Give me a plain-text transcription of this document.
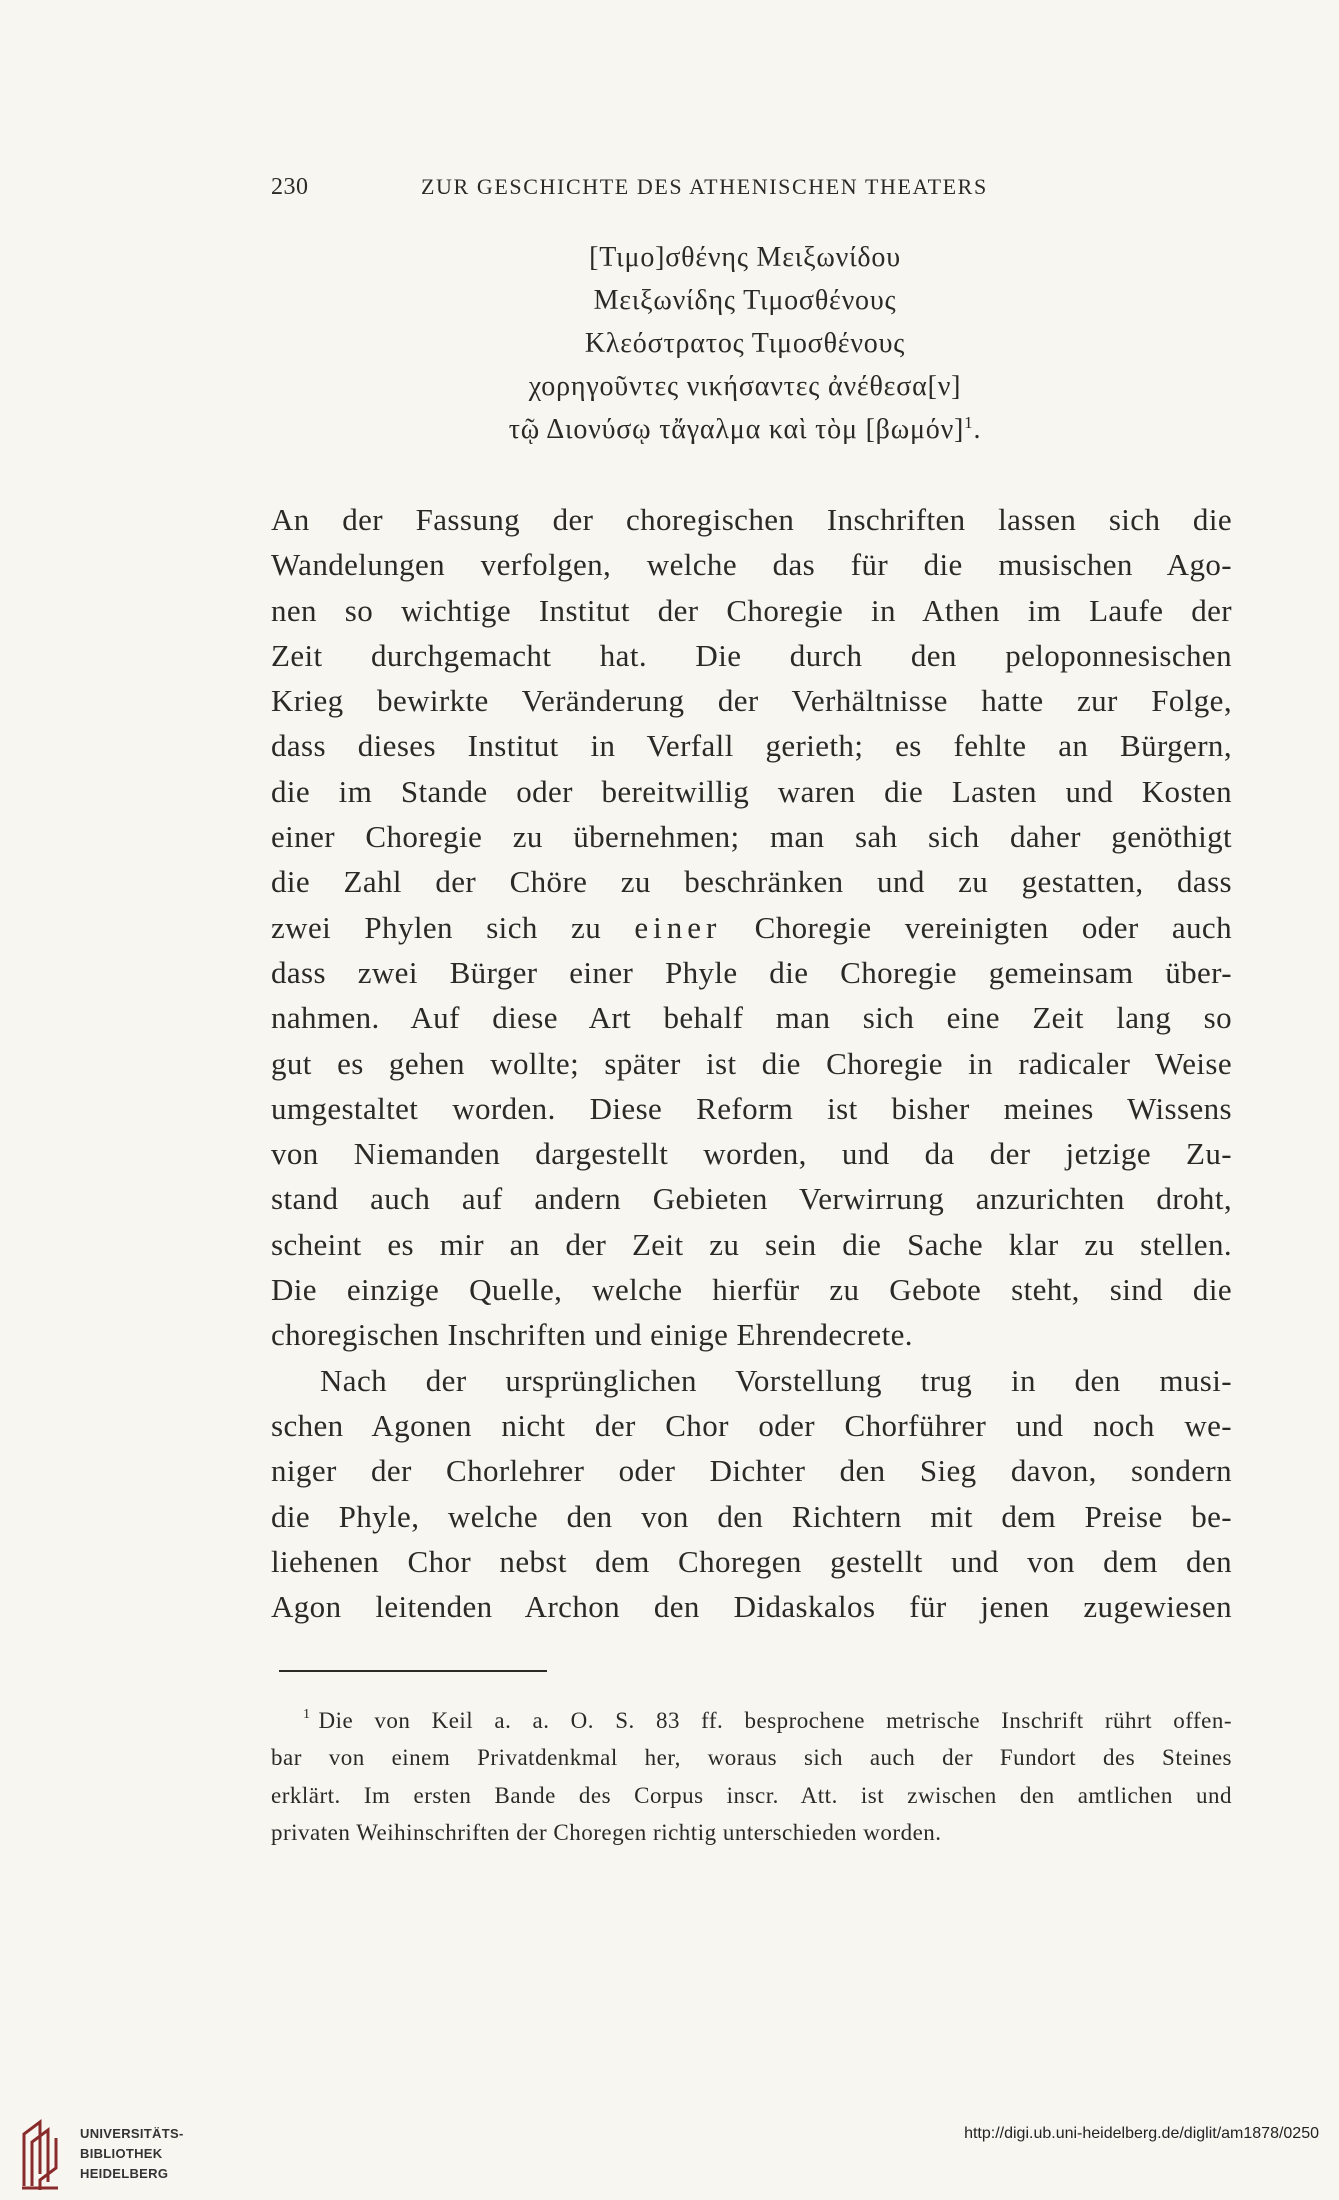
230	ZUR GESCHICHTE DES ATHENISCHEN THEATERS
[Τιμο]σθένης Μειξωνίδου
Μειξωνίδης Τιμοσθένους
Κλεόστρατος Τιμοσθένους
χορηγοῦντες νικήσαντες ἀνέθεσα[ν]
τῷ Διονύσῳ τἄγαλμα καὶ τὸμ $[\beta\omega\mu ό\nu]^1$.
An der Fassung der choregischen Inschriften lassen sich die
Wandelungen verfolgen, welche das für die musischen Ago-
nen so wichtige Institut der Choregie in Athen im Laufe der
Zeit durchgemacht hat. Die durch den peloponnesischen
Krieg bewirkte Veränderung der Verhältnisse hatte zur Folge,
dass dieses Institut in Verfall gerieth; es fehlte an Bürgern,
die im Stande oder bereitwillig waren die Lasten und Kosten
einer Choregie zu übernehmen; man sah sich daher genöthigt
die Zahl der Chöre zu beschränken und zu gestatten, dass
zwei Phylen sich zu einer Choregie vereinigten oder auch
dass zwei Bürger einer Phyle die Choregie gemeinsam über-
nahmen. Auf diese Art behalf man sich eine Zeit lang so
gut es gehen wollte; später ist die Choregie in radicaler Weise
umgestaltet worden. Diese Reform ist bisher meines Wissens
von Niemanden dargestellt worden, und da der jetzige Zu-
stand auch auf andern Gebieten Verwirrung anzurichten droht,
scheint es mir an der Zeit zu sein die Sache klar zu stellen.
Die einzige Quelle, welche hierfür zu Gebote steht, sind die
choregischen Inschriften und einige Ehrendecrete.
Nach der ursprünglichen Vorstellung trug in den musi-
schen Agonen nicht der Chor oder Chorführer und noch we-
niger der Chorlehrer oder Dichter den Sieg davon, sondern
die Phyle, welche den von den Richtern mit dem Preise be-
liehenen Chor nebst dem Choregen gestellt und von dem den
Agon leitenden Archon den Didaskalos für jenen zugewiesen
$^1$ Die von Keil a. a. O. S. 83 ff. besprochene metrische Inschrift rührt offen-
bar von einem Privatdenkmal her, woraus sich auch der Fundort des Steines
erklärt. Im ersten Bande des Corpus inscr. Att. ist zwischen den amtlichen und
privaten Weihinschriften der Choregen richtig unterschieden worden.
UNIVERSITÄTS-
BIBLIOTHEK
HEIDELBERG
http://digi.ub.uni-heidelberg.de/diglit/am1878/0250
